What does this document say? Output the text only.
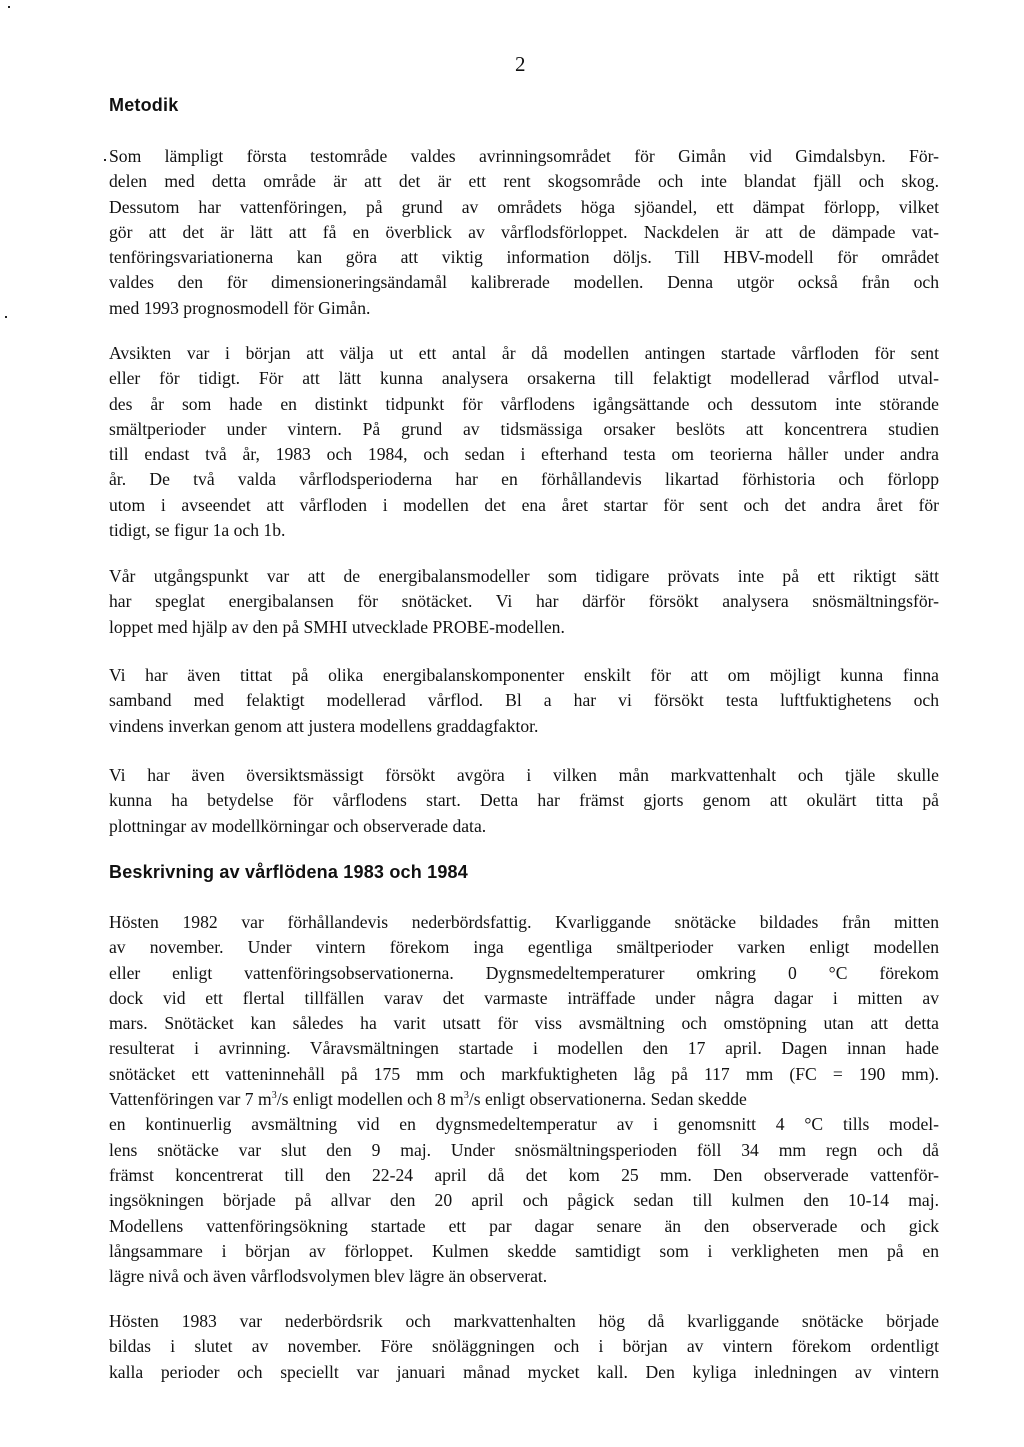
2
Metodik

Som lämpligt första testområde valdes avrinningsområdet för Gimån vid Gimdalsbyn. För-
delen med detta område är att det är ett rent skogsområde och inte blandat fjäll och skog.
Dessutom har vattenföringen, på grund av områdets höga sjöandel, ett dämpat förlopp, vilket
gör att det är lätt att få en överblick av vårflodsförloppet. Nackdelen är att de dämpade vat-
tenföringsvariationerna kan göra att viktig information döljs. Till HBV-modell för området
valdes den för dimensioneringsändamål kalibrerade modellen. Denna utgör också från och
med 1993 prognosmodell för Gimån.

Avsikten var i början att välja ut ett antal år då modellen antingen startade vårfloden för sent
eller för tidigt. För att lätt kunna analysera orsakerna till felaktigt modellerad vårflod utval-
des år som hade en distinkt tidpunkt för vårflodens igångsättande och dessutom inte störande
smältperioder under vintern. På grund av tidsmässiga orsaker beslöts att koncentrera studien
till endast två år, 1983 och 1984, och sedan i efterhand testa om teorierna håller under andra
år. De två valda vårflodsperioderna har en förhållandevis likartad förhistoria och förlopp
utom i avseendet att vårfloden i modellen det ena året startar för sent och det andra året för
tidigt, se figur 1a och 1b.

Vår utgångspunkt var att de energibalansmodeller som tidigare prövats inte på ett riktigt sätt
har speglat energibalansen för snötäcket. Vi har därför försökt analysera snösmältningsför-
loppet med hjälp av den på SMHI utvecklade PROBE-modellen.

Vi har även tittat på olika energibalanskomponenter enskilt för att om möjligt kunna finna
samband med felaktigt modellerad vårflod. Bl a har vi försökt testa luftfuktighetens och
vindens inverkan genom att justera modellens graddagfaktor.

Vi har även översiktsmässigt försökt avgöra i vilken mån markvattenhalt och tjäle skulle
kunna ha betydelse för vårflodens start. Detta har främst gjorts genom att okulärt titta på
plottningar av modellkörningar och observerade data.

Beskrivning av vårflödena 1983 och 1984

Hösten 1982 var förhållandevis nederbördsfattig. Kvarliggande snötäcke bildades från mitten
av november. Under vintern förekom inga egentliga smältperioder varken enligt modellen
eller enligt vattenföringsobservationerna. Dygnsmedeltemperaturer omkring 0 °C förekom
dock vid ett flertal tillfällen varav det varmaste inträffade under några dagar i mitten av
mars. Snötäcket kan således ha varit utsatt för viss avsmältning och omstöpning utan att detta
resulterat i avrinning. Våravsmältningen startade i modellen den 17 april. Dagen innan hade
snötäcket ett vatteninnehåll på 175 mm och markfuktigheten låg på 117 mm (FC = 190 mm).
Vattenföringen var 7 $m^3/s$ enligt modellen och 8 $m^3/s$ enligt observationerna. Sedan skedde
en kontinuerlig avsmältning vid en dygnsmedeltemperatur av i genomsnitt 4 °C tills model-
lens snötäcke var slut den 9 maj. Under snösmältningsperioden föll 34 mm regn och då
främst koncentrerat till den 22-24 april då det kom 25 mm. Den observerade vattenför-
ingsökningen började på allvar den 20 april och pågick sedan till kulmen den 10-14 maj.
Modellens vattenföringsökning startade ett par dagar senare än den observerade och gick
långsammare i början av förloppet. Kulmen skedde samtidigt som i verkligheten men på en
lägre nivå och även vårflodsvolymen blev lägre än observerat.

Hösten 1983 var nederbördsrik och markvattenhalten hög då kvarliggande snötäcke började
bildas i slutet av november. Före snöläggningen och i början av vintern förekom ordentligt
kalla perioder och speciellt var januari månad mycket kall. Den kyliga inledningen av vintern
